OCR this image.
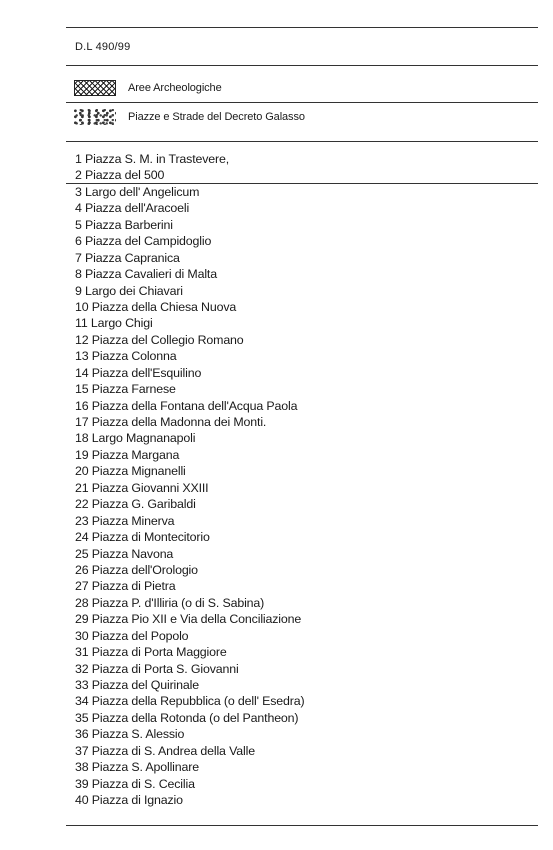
D.L 490/99
Aree Archeologiche
Piazze e Strade del Decreto Galasso
1 Piazza S. M. in Trastevere,
2 Piazza del 500
3 Largo dell' Angelicum
4 Piazza dell'Aracoeli
5 Piazza Barberini
6 Piazza del Campidoglio
7 Piazza Capranica
8 Piazza Cavalieri di Malta
9 Largo dei Chiavari
10 Piazza della Chiesa Nuova
11 Largo Chigi
12 Piazza del Collegio Romano
13 Piazza Colonna
14 Piazza dell'Esquilino
15 Piazza Farnese
16 Piazza della Fontana dell'Acqua Paola
17 Piazza della Madonna dei Monti.
18 Largo Magnanapoli
19 Piazza Margana
20 Piazza Mignanelli
21 Piazza Giovanni XXIII
22 Piazza G. Garibaldi
23 Piazza Minerva
24 Piazza di Montecitorio
25 Piazza Navona
26 Piazza dell'Orologio
27 Piazza di Pietra
28 Piazza P. d'Illiria (o di S. Sabina)
29 Piazza Pio XII e Via della Conciliazione
30 Piazza del Popolo
31 Piazza di Porta Maggiore
32 Piazza di Porta S. Giovanni
33 Piazza del Quirinale
34 Piazza della Repubblica (o dell' Esedra)
35 Piazza della Rotonda (o del Pantheon)
36 Piazza S. Alessio
37 Piazza di S. Andrea della Valle
38 Piazza S. Apollinare
39 Piazza di S. Cecilia
40 Piazza di Ignazio
